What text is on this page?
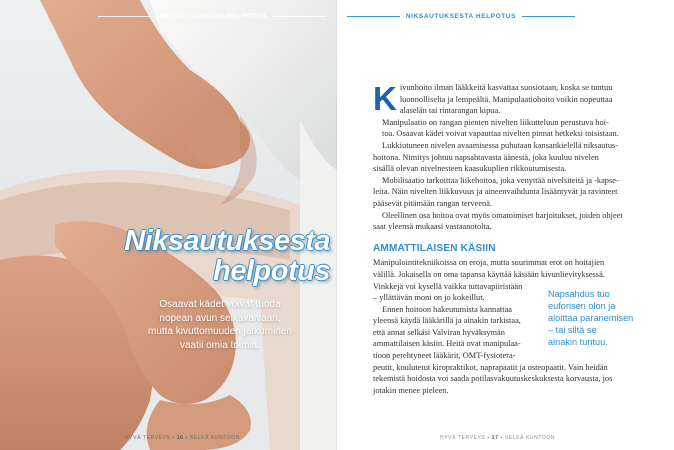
NIKSAUTUKSESTA HELPOTUS
Niksautuksesta
helpotus
Osaavat kädet voivat tuoda
nopean avun selkävaivaan,
mutta kivuttomuuden jatkuminen
vaatii omia toimia.
HYVÄ TERVEYS ▪ 16 ▪ SELKÄ KUNTOON
NIKSAUTUKSESTA HELPOTUS
K ivunhoito ilman lääkkeitä kasvattaa suosiotaan, koska se tuntuu
luonnolliselta ja lempeältä. Manipulaatiohoito voikin nopeuttaa
alaselän tai rintarangan kipua.

Manipulaatio on rangan pienten nivelten liikutteluun perustuva hoi-
toa. Osaavat kädet voivat vapauttaa nivelten pinnat hetkeksi toisistaan.

Lukkiutuneen nivelen avaamisessa puhutaan kansankielellä niksautus-
hoitona. Nimitys johtuu napsahtavasta äänestä, joka kuuluu nivelen
sisällä olevan nivelnesteen kaasukuplien rikkoutumisesta.

Mobilisaatio tarkoittaa liikehoitoa, joka venyttää nivelsiteitä ja -kapse-
leita. Näin nivelten liikkuvuus ja aineenvaihdunta lisääntyvät ja ravinteet
pääsevät pitämään rangan terveenä.

Oleellinen osa hoitoa ovat myös omatoimiset harjoitukset, joiden ohjeet
saat yleensä mukaasi vastaanotolta.

AMMATTILAISEN KÄSIIN

Manipulointitekniikoissa on eroja, mutta suurimmat erot on hoitajien
välillä. Jokaisella on oma tapansa käyttää käsiään kivunlievityksessä.

Vinkkejä voi kysellä vaikka tuttavapiiristään
– yllättävän moni on jo kokeillut.

Ennen hoitoon hakeutumista kannattaa
yleensä käydä lääkärillä ja ainakin tarkistaa,
että annat selkäsi Valviran hyväksymän
ammattilaisen käsiin. Heitä ovat manipulaa-
tioon perehtyneet lääkärit, OMT-fysiotera-

peutit, koulutetut kiropraktikot, naprapaatit ja osteopaatit. Vain heidän
tekemistä hoidosta voi saada potilasvakuutuskeskuksesta korvausta, jos
jotakin menee pieleen.

Napsahdus tuo
euforisen olon ja
aloittaa paranemisen
– tai siltä se
ainakin tuntuu.
HYVÄ TERVEYS ▪ 17 ▪ SELKÄ KUNTOON
